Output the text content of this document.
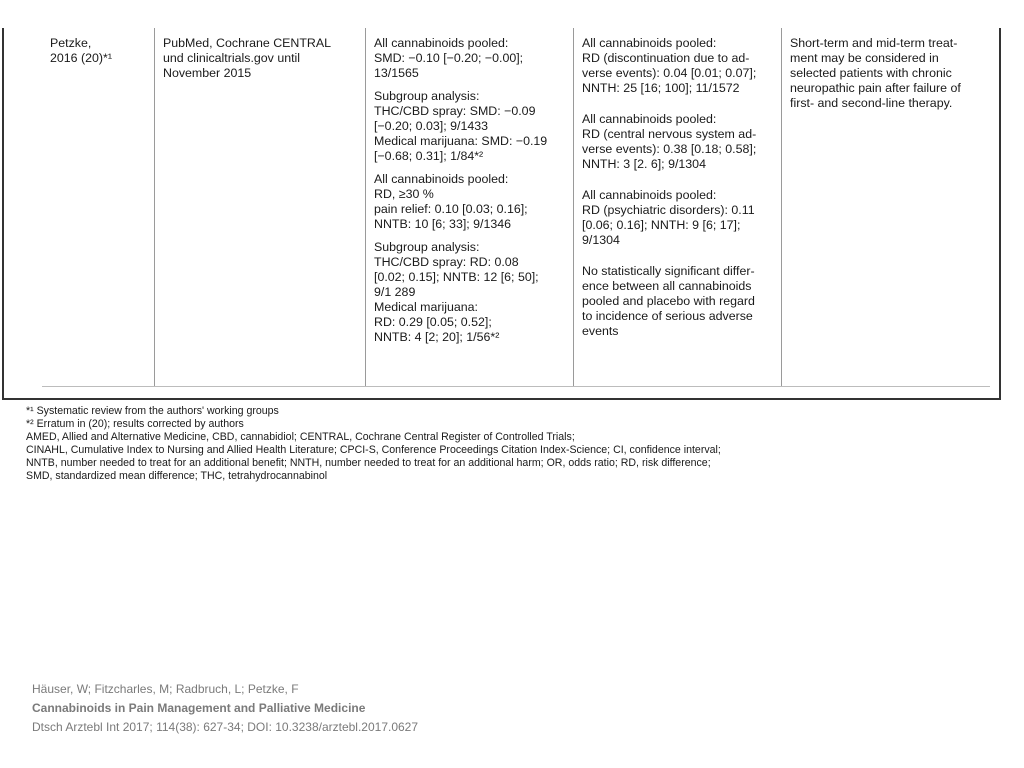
Petzke,
2016 (20)*¹
PubMed, Cochrane CENTRAL
und clinicaltrials.gov until
November 2015
All cannabinoids pooled:
SMD: −0.10 [−0.20; −0.00];
13/1565
Subgroup analysis:
THC/CBD spray: SMD: −0.09
[−0.20; 0.03]; 9/1433
Medical marijuana: SMD: −0.19
[−0.68; 0.31]; 1/84*²
All cannabinoids pooled:
RD, ≥30 %
pain relief: 0.10 [0.03; 0.16];
NNTB: 10 [6; 33]; 9/1346
Subgroup analysis:
THC/CBD spray: RD: 0.08
[0.02; 0.15]; NNTB: 12 [6; 50];
9/1 289
Medical marijuana:
RD: 0.29 [0.05; 0.52];
NNTB: 4 [2; 20]; 1/56*²
All cannabinoids pooled:
RD (discontinuation due to ad-
verse events): 0.04 [0.01; 0.07];
NNTH: 25 [16; 100]; 11/1572
All cannabinoids pooled:
RD (central nervous system ad-
verse events): 0.38 [0.18; 0.58];
NNTH: 3 [2. 6]; 9/1304
All cannabinoids pooled:
RD (psychiatric disorders): 0.11
[0.06; 0.16]; NNTH: 9 [6; 17];
9/1304
No statistically significant differ-
ence between all cannabinoids
pooled and placebo with regard
to incidence of serious adverse
events
Short-term and mid-term treat-
ment may be considered in
selected patients with chronic
neuropathic pain after failure of
first- and second-line therapy.
*¹ Systematic review from the authors' working groups
*² Erratum in (20); results corrected by authors
AMED, Allied and Alternative Medicine, CBD, cannabidiol; CENTRAL, Cochrane Central Register of Controlled Trials;
CINAHL, Cumulative Index to Nursing and Allied Health Literature; CPCI-S, Conference Proceedings Citation Index-Science; CI, confidence interval;
NNTB, number needed to treat for an additional benefit; NNTH, number needed to treat for an additional harm; OR, odds ratio; RD, risk difference;
SMD, standardized mean difference; THC, tetrahydrocannabinol
Häuser, W; Fitzcharles, M; Radbruch, L; Petzke, F
Cannabinoids in Pain Management and Palliative Medicine
Dtsch Arztebl Int 2017; 114(38): 627-34; DOI: 10.3238/arztebl.2017.0627
